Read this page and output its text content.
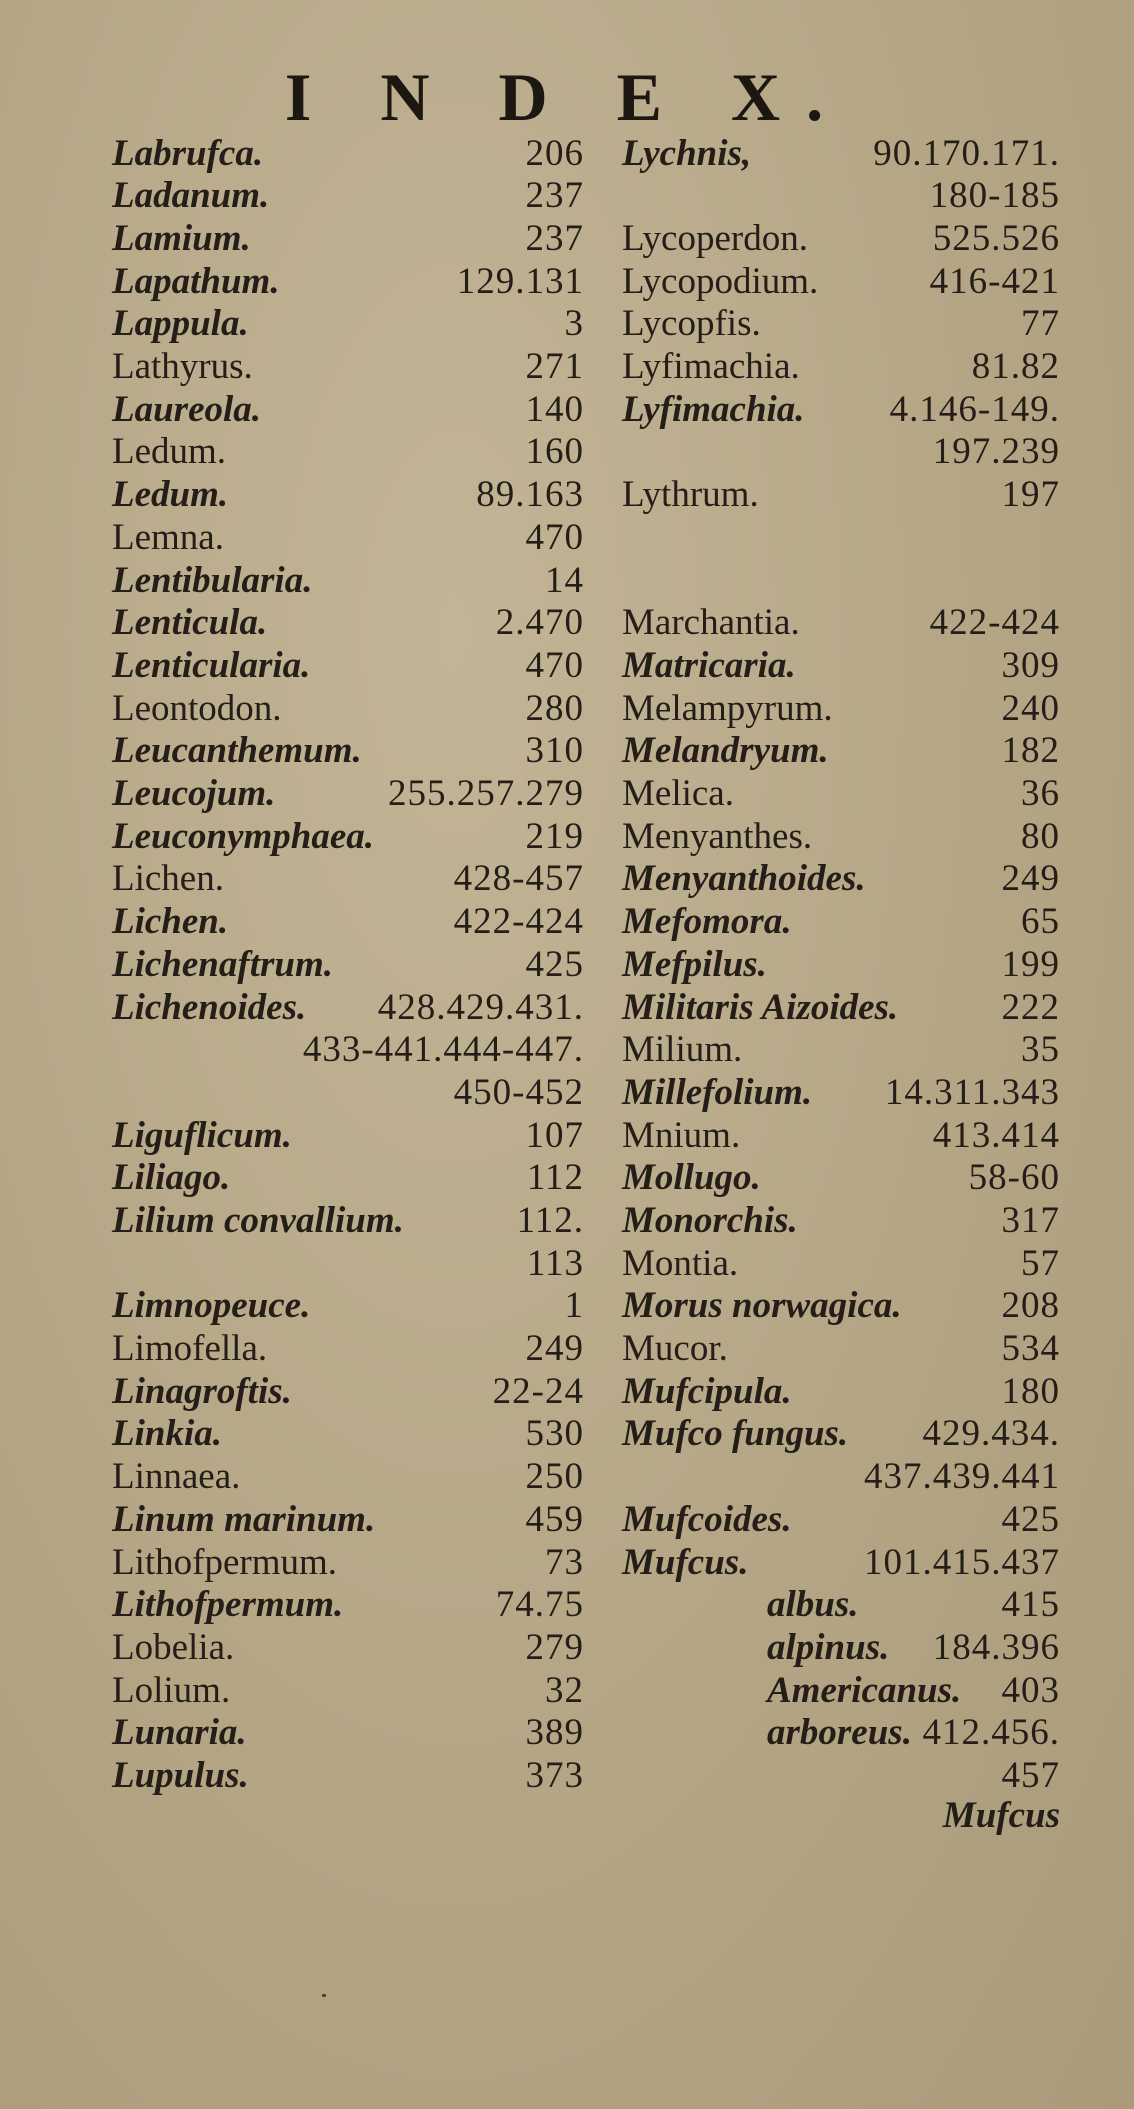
I N D E X.
Labrufca.	206
Ladanum.	237
Lamium.	237
Lapathum.	129.131
Lappula.	3
Lathyrus.	271
Laureola.	140
Ledum.	160
Ledum.	89.163
Lemna.	470
Lentibularia.	14
Lenticula.	2.470
Lenticularia.	470
Leontodon.	280
Leucanthemum.	310
Leucojum.	255.257.279
Leuconymphaea.	219
Lichen.	428-457
Lichen.	422-424
Lichenaftrum.	425
Lichenoides. 428.429.431.
433-441.444-447.
450-452
Liguflicum.	107
Liliago.	112
Lilium convallium.	112.
113
Limnopeuce.	1
Limofella.	249
Linagroftis.	22-24
Linkia.	530
Linnaea.	250
Linum marinum.	459
Lithofpermum.	73
Lithofpermum.	74.75
Lobelia.	279
Lolium.	32
Lunaria.	389
Lupulus.	373
Lychnis,	90.170.171.
180-185
Lycoperdon.	525.526
Lycopodium.	416-421
Lycopfis.	77
Lyfimachia.	81.82
Lyfimachia. 4.146-149.
197.239
Lythrum.	197
Marchantia.	422-424
Matricaria.	309
Melampyrum.	240
Melandryum.	182
Melica.	36
Menyanthes.	80
Menyanthoides.	249
Mefomora.	65
Mefpilus.	199
Militaris Aizoides.	222
Milium.	35
Millefolium. 14.311.343
Mnium.	413.414
Mollugo.	58-60
Monorchis.	317
Montia.	57
Morus norwagica.	208
Mucor.	534
Mufcipula.	180
Mufco fungus. 429.434.
437.439.441
Mufcoides.	425
Mufcus.	101.415.437
albus.	415
alpinus. 184.396
Americanus. 403
arboreus. 412.456.
457
Mufcus
